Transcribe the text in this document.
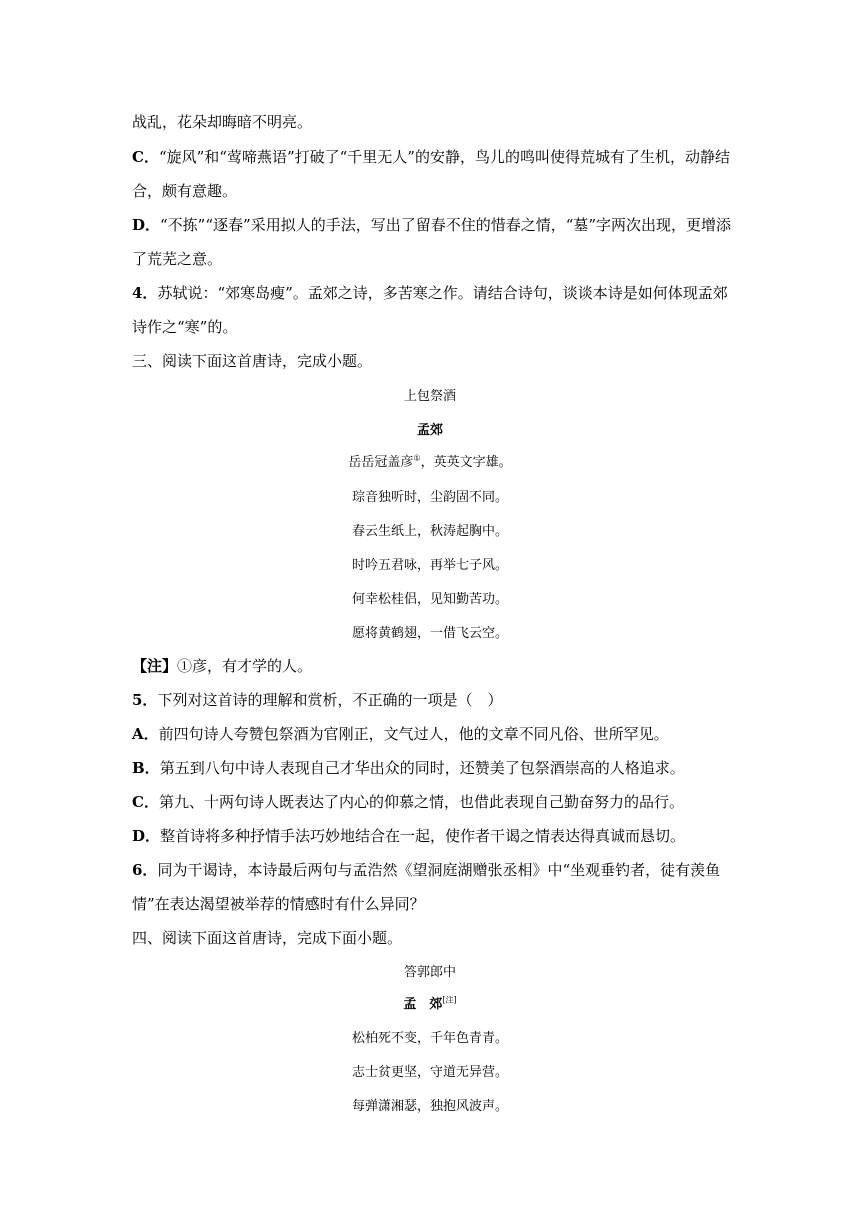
战乱，花朵却晦暗不明亮。
C．“旋风”和“莺啼燕语”打破了“千里无人”的安静，鸟儿的鸣叫使得荒城有了生机，动静结
合，颇有意趣。
D．“不拣”“逐春”采用拟人的手法，写出了留春不住的惜春之情，“墓”字两次出现，更增添
了荒芜之意。
4．苏轼说：“郊寒岛瘦”。孟郊之诗，多苦寒之作。请结合诗句，谈谈本诗是如何体现孟郊
诗作之“寒”的。
三、阅读下面这首唐诗，完成小题。
上包祭酒
孟郊
岳岳冠盖彦①，英英文字雄。
琮音独听时，尘韵固不同。
春云生纸上，秋涛起胸中。
时吟五君咏，再举七子风。
何幸松桂侣，见知勤苦功。
愿将黄鹤翅，一借飞云空。
【注】①彦，有才学的人。
5．下列对这首诗的理解和赏析，不正确的一项是（　）
A．前四句诗人夸赞包祭酒为官刚正，文气过人，他的文章不同凡俗、世所罕见。
B．第五到八句中诗人表现自己才华出众的同时，还赞美了包祭酒崇高的人格追求。
C．第九、十两句诗人既表达了内心的仰慕之情，也借此表现自己勤奋努力的品行。
D．整首诗将多种抒情手法巧妙地结合在一起，使作者干谒之情表达得真诚而恳切。
6．同为干谒诗，本诗最后两句与孟浩然《望洞庭湖赠张丞相》中“坐观垂钓者，徒有羡鱼
情”在表达渴望被举荐的情感时有什么异同？
四、阅读下面这首唐诗，完成下面小题。
答郭郎中
孟　郊[注]
松柏死不变，千年色青青。
志士贫更坚，守道无异营。
每弹潇湘瑟，独抱风波声。
